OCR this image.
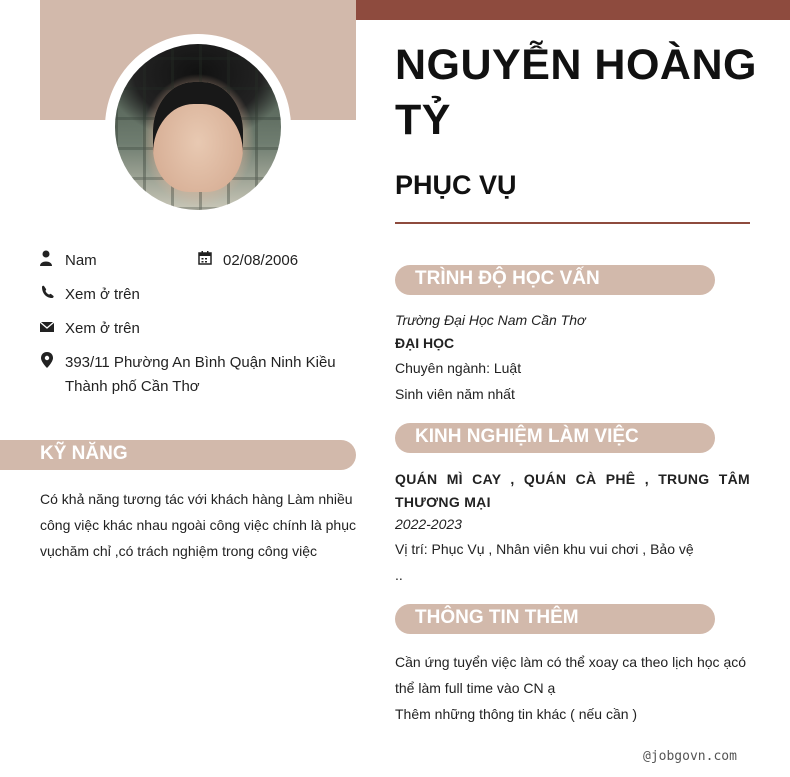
Nam	02/08/2006
Xem ở trên
Xem ở trên
393/11 Phường An Bình Quận Ninh Kiều
Thành phố Cần Thơ
KỸ NĂNG
Có khả năng tương tác với khách hàng Làm nhiều công việc khác nhau ngoài công việc chính là phục vụchăm chỉ ,có trách nghiệm trong công việc
NGUYỄN HOÀNG TỶ
PHỤC VỤ
TRÌNH ĐỘ HỌC VẤN
Trường Đại Học Nam Cần Thơ
ĐẠI HỌC
Chuyên ngành: Luật
Sinh viên năm nhất
KINH NGHIỆM LÀM VIỆC
QUÁN MÌ CAY , QUÁN CÀ PHÊ , TRUNG TÂM THƯƠNG MẠI
2022-2023
Vị trí: Phục Vụ , Nhân viên khu vui chơi , Bảo vệ
..
THÔNG TIN THÊM
Cần ứng tuyển việc làm có thể xoay ca theo lịch học ạcó thể làm full time vào CN ạ
Thêm những thông tin khác ( nếu cần )
@jobgovn.com
